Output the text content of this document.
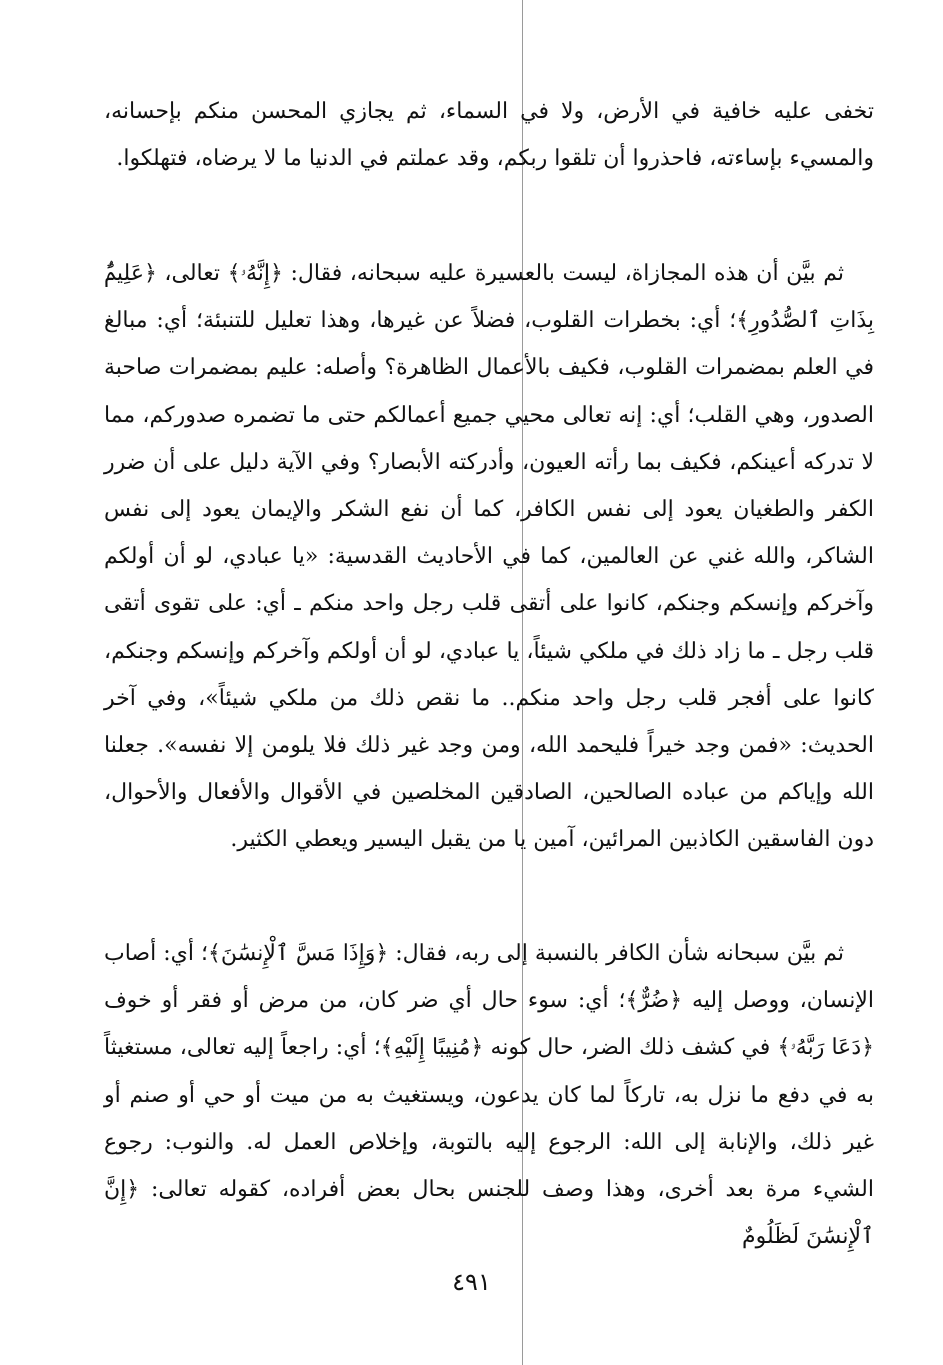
تخفى عليه خافية في الأرض، ولا في السماء، ثم يجازي المحسن منكم بإحسانه، والمسيء بإساءته، فاحذروا أن تلقوا ربكم، وقد عملتم في الدنيا ما لا يرضاه، فتهلكوا.

ثم بيَّن أن هذه المجازاة، ليست بالعسيرة عليه سبحانه، فقال: ﴿إِنَّهُۥ﴾ تعالى، ﴿عَلِيمٌۢ بِذَاتِ ٱلصُّدُورِ﴾؛ أي: بخطرات القلوب، فضلاً عن غيرها، وهذا تعليل للتنبئة؛ أي: مبالغ في العلم بمضمرات القلوب، فكيف بالأعمال الظاهرة؟ وأصله: عليم بمضمرات صاحبة الصدور، وهي القلب؛ أي: إنه تعالى محيي جميع أعمالكم حتى ما تضمره صدوركم، مما لا تدركه أعينكم، فكيف بما رأته العيون، وأدركته الأبصار؟ وفي الآية دليل على أن ضرر الكفر والطغيان يعود إلى نفس الكافر، كما أن نفع الشكر والإيمان يعود إلى نفس الشاكر، والله غني عن العالمين، كما في الأحاديث القدسية: «يا عبادي، لو أن أولكم وآخركم وإنسكم وجنكم، كانوا على أتقى قلب رجل واحد منكم ـ أي: على تقوى أتقى قلب رجل ـ ما زاد ذلك في ملكي شيئاً، يا عبادي، لو أن أولكم وآخركم وإنسكم وجنكم، كانوا على أفجر قلب رجل واحد منكم.. ما نقص ذلك من ملكي شيئاً»، وفي آخر الحديث: «فمن وجد خيراً فليحمد الله، ومن وجد غير ذلك فلا يلومن إلا نفسه». جعلنا الله وإياكم من عباده الصالحين، الصادقين المخلصين في الأقوال والأفعال والأحوال، دون الفاسقين الكاذبين المرائين، آمين يا من يقبل اليسير ويعطي الكثير.

ثم بيَّن سبحانه شأن الكافر بالنسبة إلى ربه، فقال: ﴿وَإِذَا مَسَّ ٱلْإِنسَٰنَ﴾؛ أي: أصاب الإنسان، ووصل إليه ﴿ضُرٌّ﴾؛ أي: سوء حال أي ضر كان، من مرض أو فقر أو خوف ﴿دَعَا رَبَّهُۥ﴾ في كشف ذلك الضر، حال كونه ﴿مُنِيبًا إِلَيْهِ﴾؛ أي: راجعاً إليه تعالى، مستغيثاً به في دفع ما نزل به، تاركاً لما كان يدعون، ويستغيث به من ميت أو حي أو صنم أو غير ذلك، والإنابة إلى الله: الرجوع إليه بالتوبة، وإخلاص العمل له. والنوب: رجوع الشيء مرة بعد أخرى، وهذا وصف للجنس بحال بعض أفراده، كقوله تعالى: ﴿إِنَّ ٱلْإِنسَٰنَ لَظَلُومٌ

٤٩١
